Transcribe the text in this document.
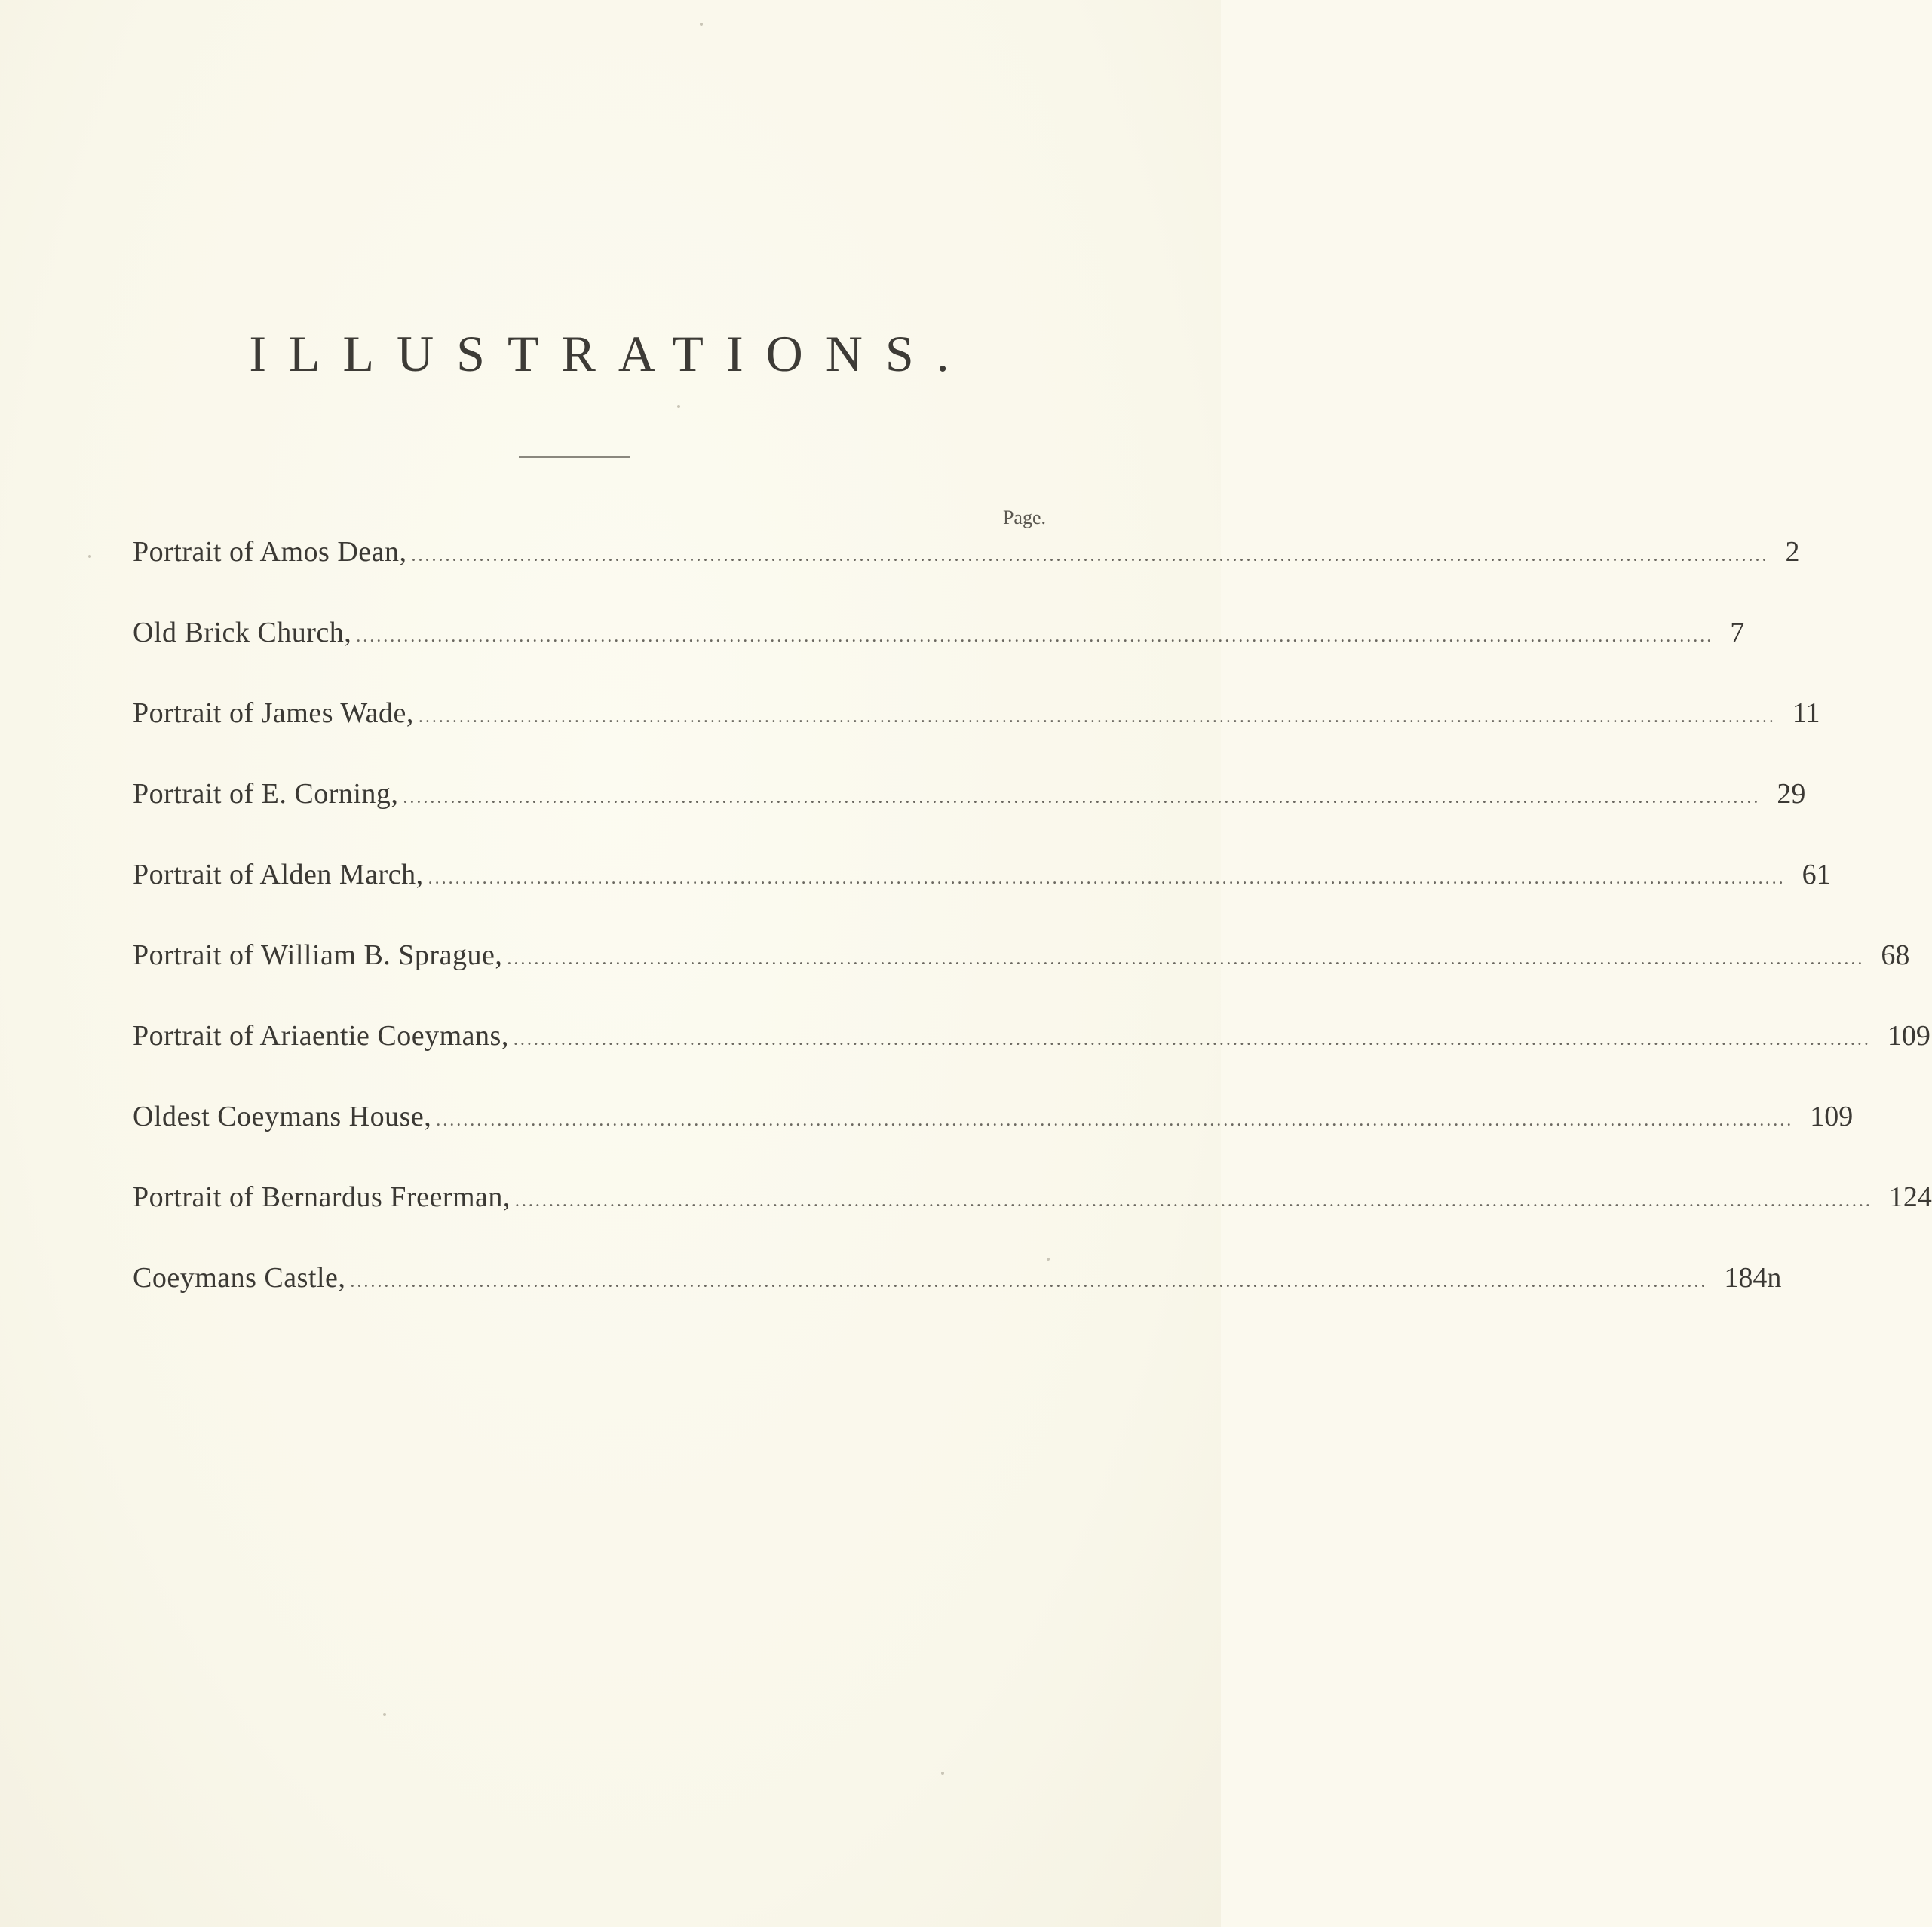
ILLUSTRATIONS.
Page.
Portrait of Amos Dean, ........................................................................................................................................................................................................ 2
Old Brick Church, ........................................................................................................................................................................................................ 7
Portrait of James Wade, ........................................................................................................................................................................................................ 11
Portrait of E. Corning, ........................................................................................................................................................................................................ 29
Portrait of Alden March, ........................................................................................................................................................................................................ 61
Portrait of William B. Sprague, ........................................................................................................................................................................................................ 68
Portrait of Ariaentie Coeymans, ........................................................................................................................................................................................................ 109
Oldest Coeymans House, ........................................................................................................................................................................................................ 109
Portrait of Bernardus Freerman, ........................................................................................................................................................................................................ 124
Coeymans Castle, ........................................................................................................................................................................................................ 184n
